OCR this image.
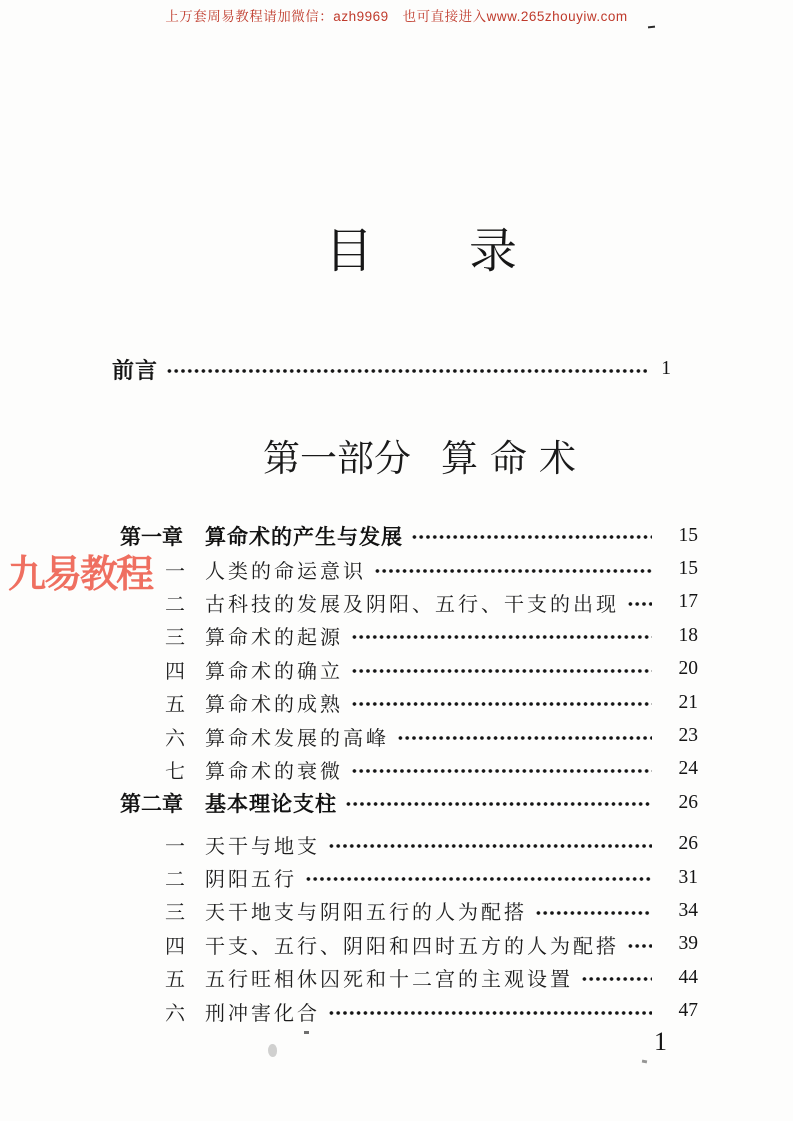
上万套周易教程请加微信：azh9969　也可直接进入www.265zhouyiw.com
目　　录
前言	1
第一部分 算命术
第一章	算命术的产生与发展	15
一	人类的命运意识	15
二	古科技的发展及阴阳、五行、干支的出现	17
三	算命术的起源	18
四	算命术的确立	20
五	算命术的成熟	21
六	算命术发展的高峰	23
七	算命术的衰微	24
第二章	基本理论支柱	26
一	天干与地支	26
二	阴阳五行	31
三	天干地支与阴阳五行的人为配搭	34
四	干支、五行、阴阳和四时五方的人为配搭	39
五	五行旺相休囚死和十二宫的主观设置	44
六	刑冲害化合	47
九易教程
1
